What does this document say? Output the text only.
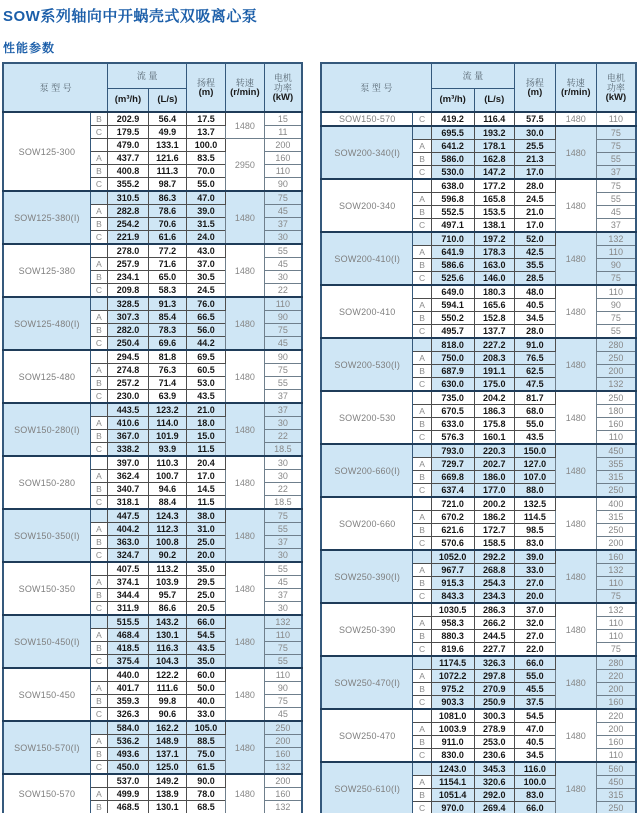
SOW系列轴向中开蜗壳式双吸离心泵
性能参数
泵 型 号	流 量	
扬程
(m)

转速
(r/min)

电机
功率
(kW)

		(m³/h)	(L/s)			
SOW125-300	B	202.9	56.4	17.5	1480	15
	C	179.5	49.9	13.7		11
		479.0	133.1	100.0	2950	200
	A	437.7	121.6	83.5		160
	B	400.8	111.3	70.0		110
	C	355.2	98.7	55.0		90
SOW125-380(I)		310.5	86.3	47.0	1480	75
	A	282.8	78.6	39.0		45
	B	254.2	70.6	31.5		37
	C	221.9	61.6	24.0		30
SOW125-380		278.0	77.2	43.0	1480	55
	A	257.9	71.6	37.0		45
	B	234.1	65.0	30.5		30
	C	209.8	58.3	24.5		22
SOW125-480(I)		328.5	91.3	76.0	1480	110
	A	307.3	85.4	66.5		90
	B	282.0	78.3	56.0		75
	C	250.4	69.6	44.2		45
SOW125-480		294.5	81.8	69.5	1480	90
	A	274.8	76.3	60.5		75
	B	257.2	71.4	53.0		55
	C	230.0	63.9	43.5		37
SOW150-280(I)		443.5	123.2	21.0	1480	37
	A	410.6	114.0	18.0		30
	B	367.0	101.9	15.0		22
	C	338.2	93.9	11.5		18.5
SOW150-280		397.0	110.3	20.4	1480	30
	A	362.4	100.7	17.0		30
	B	340.7	94.6	14.5		22
	C	318.1	88.4	11.5		18.5
SOW150-350(I)		447.5	124.3	38.0	1480	75
	A	404.2	112.3	31.0		55
	B	363.0	100.8	25.0		37
	C	324.7	90.2	20.0		30
SOW150-350		407.5	113.2	35.0	1480	55
	A	374.1	103.9	29.5		45
	B	344.4	95.7	25.0		37
	C	311.9	86.6	20.5		30
SOW150-450(I)		515.5	143.2	66.0	1480	132
	A	468.4	130.1	54.5		110
	B	418.5	116.3	43.5		75
	C	375.4	104.3	35.0		55
SOW150-450		440.0	122.2	60.0	1480	110
	A	401.7	111.6	50.0		90
	B	359.3	99.8	40.0		75
	C	326.3	90.6	33.0		45
SOW150-570(I)		584.0	162.2	105.0	1480	250
	A	536.2	148.9	88.5		200
	B	493.6	137.1	75.0		160
	C	450.0	125.0	61.5		132
SOW150-570		537.0	149.2	90.0	1480	200
	A	499.9	138.9	78.0		160
	B	468.5	130.1	68.5		132
泵 型 号	流 量	
扬程
(m)

转速
(r/min)

电机
功率
(kW)

		(m³/h)	(L/s)			
SOW150-570	C	419.2	116.4	57.5	1480	110
SOW200-340(I)		695.5	193.2	30.0	1480	75
	A	641.2	178.1	25.5		75
	B	586.0	162.8	21.3		55
	C	530.0	147.2	17.0		37
SOW200-340		638.0	177.2	28.0	1480	75
	A	596.8	165.8	24.5		55
	B	552.5	153.5	21.0		45
	C	497.1	138.1	17.0		37
SOW200-410(I)		710.0	197.2	52.0	1480	132
	A	641.9	178.3	42.5		110
	B	586.6	163.0	35.5		90
	C	525.6	146.0	28.5		75
SOW200-410		649.0	180.3	48.0	1480	110
	A	594.1	165.6	40.5		90
	B	550.2	152.8	34.5		75
	C	495.7	137.7	28.0		55
SOW200-530(I)		818.0	227.2	91.0	1480	280
	A	750.0	208.3	76.5		250
	B	687.9	191.1	62.5		200
	C	630.0	175.0	47.5		132
SOW200-530		735.0	204.2	81.7	1480	250
	A	670.5	186.3	68.0		180
	B	633.0	175.8	55.0		160
	C	576.3	160.1	43.5		110
SOW200-660(I)		793.0	220.3	150.0	1480	450
	A	729.7	202.7	127.0		355
	B	669.8	186.0	107.0		315
	C	637.4	177.0	88.0		250
SOW200-660		721.0	200.2	132.5	1480	400
	A	670.2	186.2	114.5		315
	B	621.6	172.7	98.5		250
	C	570.6	158.5	83.0		200
SOW250-390(I)		1052.0	292.2	39.0	1480	160
	A	967.7	268.8	33.0		132
	B	915.3	254.3	27.0		110
	C	843.3	234.3	20.0		75
SOW250-390		1030.5	286.3	37.0	1480	132
	A	958.3	266.2	32.0		110
	B	880.3	244.5	27.0		110
	C	819.6	227.7	22.0		75
SOW250-470(I)		1174.5	326.3	66.0	1480	280
	A	1072.2	297.8	55.0		220
	B	975.2	270.9	45.5		200
	C	903.3	250.9	37.5		160
SOW250-470		1081.0	300.3	54.5	1480	220
	A	1003.9	278.9	47.0		200
	B	911.0	253.0	40.5		160
	C	830.0	230.6	34.5		110
SOW250-610(I)		1243.0	345.3	116.0	1480	560
	A	1154.1	320.6	100.0		450
	B	1051.4	292.0	83.0		315
	C	970.0	269.4	66.0		250
